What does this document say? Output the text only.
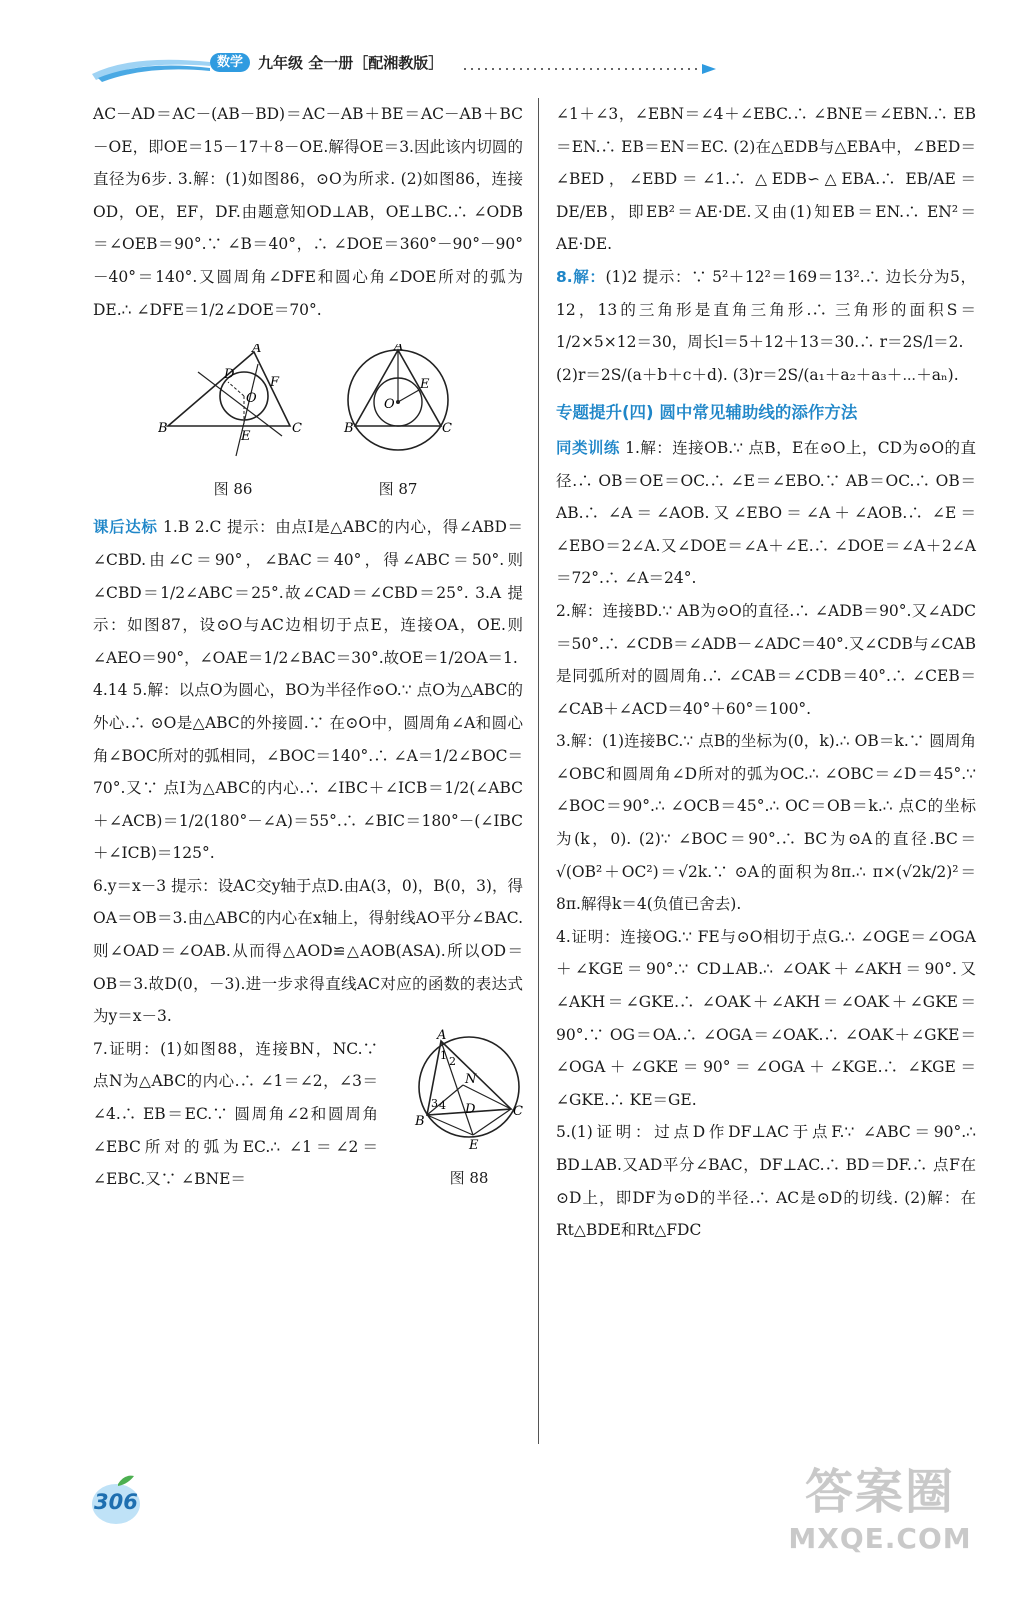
数学	九年级 全一册［配湘教版］

AC－AD＝AC－(AB－BD)＝AC－AB＋BE＝AC－AB＋BC－OE，即OE＝15－17＋8－OE.解得OE＝3.因此该内切圆的直径为6步. 3.解：(1)如图86，⊙O为所求. (2)如图86，连接OD，OE，EF，DF.由题意知OD⊥AB，OE⊥BC.∴ ∠ODB＝∠OEB＝90°.∵ ∠B＝40°，∴ ∠DOE＝360°－90°－90°－40°＝140°.又圆周角∠DFE和圆心角∠DOE所对的弧为DE.∴ ∠DFE＝1/2∠DOE＝70°.

A
B	C
D
E
F
O
图 86
A
B	C
E
O
图 87

课后达标 1.B 2.C 提示：由点I是△ABC的内心，得∠ABD＝∠CBD.由∠C＝90°，∠BAC＝40°，得∠ABC＝50°.则∠CBD＝1/2∠ABC＝25°.故∠CAD＝∠CBD＝25°. 3.A 提示：如图87，设⊙O与AC边相切于点E，连接OA，OE.则∠AEO＝90°，∠OAE＝1/2∠BAC＝30°.故OE＝1/2OA＝1.

4.14 5.解：以点O为圆心，BO为半径作⊙O.∵ 点O为△ABC的外心.∴ ⊙O是△ABC的外接圆.∵ 在⊙O中，圆周角∠A和圆心角∠BOC所对的弧相同，∠BOC＝140°.∴ ∠A＝1/2∠BOC＝70°.又∵ 点I为△ABC的内心.∴ ∠IBC＋∠ICB＝1/2(∠ABC＋∠ACB)＝1/2(180°－∠A)＝55°.∴ ∠BIC＝180°－(∠IBC＋∠ICB)＝125°.

6.y＝x－3 提示：设AC交y轴于点D.由A(3，0)，B(0，3)，得OA＝OB＝3.由△ABC的内心在x轴上，得射线AO平分∠BAC.则∠OAD＝∠OAB.从而得△AOD≌△AOB(ASA).所以OD＝OB＝3.故D(0，－3).进一步求得直线AC对应的函数的表达式为y＝x－3.

7.证明：(1)如图88，连接BN，NC.∵ 点N为△ABC的内心.∴ ∠1＝∠2，∠3＝∠4.∴ EB＝EC.∵ 圆周角∠2和圆周角∠EBC所对的弧为EC.∴ ∠1＝∠2＝∠EBC.又∵ ∠BNE＝

A
B
C
D
E
N
1 2
3 4
图 88

∠1＋∠3，∠EBN＝∠4＋∠EBC.∴ ∠BNE＝∠EBN.∴ EB＝EN.∴ EB＝EN＝EC. (2)在△EDB与△EBA中，∠BED＝∠BED，∠EBD＝∠1.∴ △EDB∽△EBA.∴ EB/AE＝DE/EB，即EB²＝AE·DE.又由(1)知EB＝EN.∴ EN²＝AE·DE.

8.解：(1)2 提示：∵ 5²＋12²＝169＝13².∴ 边长分为5，12，13的三角形是直角三角形.∴ 三角形的面积S＝1/2×5×12＝30，周长l＝5＋12＋13＝30.∴ r＝2S/l＝2.

(2)r＝2S/(a＋b＋c＋d). (3)r＝2S/(a₁＋a₂＋a₃＋⋯＋aₙ).

专题提升(四) 圆中常见辅助线的添作方法

同类训练 1.解：连接OB.∵ 点B，E在⊙O上，CD为⊙O的直径.∴ OB＝OE＝OC.∴ ∠E＝∠EBO.∵ AB＝OC.∴ OB＝AB.∴ ∠A＝∠AOB.又∠EBO＝∠A＋∠AOB.∴ ∠E＝∠EBO＝2∠A.又∠DOE＝∠A＋∠E.∴ ∠DOE＝∠A＋2∠A＝72°.∴ ∠A＝24°.

2.解：连接BD.∵ AB为⊙O的直径.∴ ∠ADB＝90°.又∠ADC＝50°.∴ ∠CDB＝∠ADB－∠ADC＝40°.又∠CDB与∠CAB是同弧所对的圆周角.∴ ∠CAB＝∠CDB＝40°.∴ ∠CEB＝∠CAB＋∠ACD＝40°＋60°＝100°.

3.解：(1)连接BC.∵ 点B的坐标为(0，k).∴ OB＝k.∵ 圆周角∠OBC和圆周角∠D所对的弧为OC.∴ ∠OBC＝∠D＝45°.∵ ∠BOC＝90°.∴ ∠OCB＝45°.∴ OC＝OB＝k.∴ 点C的坐标为(k，0). (2)∵ ∠BOC＝90°.∴ BC为⊙A的直径.BC＝√(OB²＋OC²)＝√2k.∵ ⊙A的面积为8π.∴ π×(√2k/2)²＝8π.解得k＝4(负值已舍去).

4.证明：连接OG.∵ FE与⊙O相切于点G.∴ ∠OGE＝∠OGA＋∠KGE＝90°.∵ CD⊥AB.∴ ∠OAK＋∠AKH＝90°.又∠AKH＝∠GKE.∴ ∠OAK＋∠AKH＝∠OAK＋∠GKE＝90°.∵ OG＝OA.∴ ∠OGA＝∠OAK.∴ ∠OAK＋∠GKE＝∠OGA＋∠GKE＝90°＝∠OGA＋∠KGE.∴ ∠KGE＝∠GKE.∴ KE＝GE.

5.(1)证明：过点D作DF⊥AC于点F.∵ ∠ABC＝90°.∴ BD⊥AB.又AD平分∠BAC，DF⊥AC.∴ BD＝DF.∴ 点F在⊙D上，即DF为⊙D的半径.∴ AC是⊙D的切线. (2)解：在Rt△BDE和Rt△FDC

306	答案圈
MXQE.COM
